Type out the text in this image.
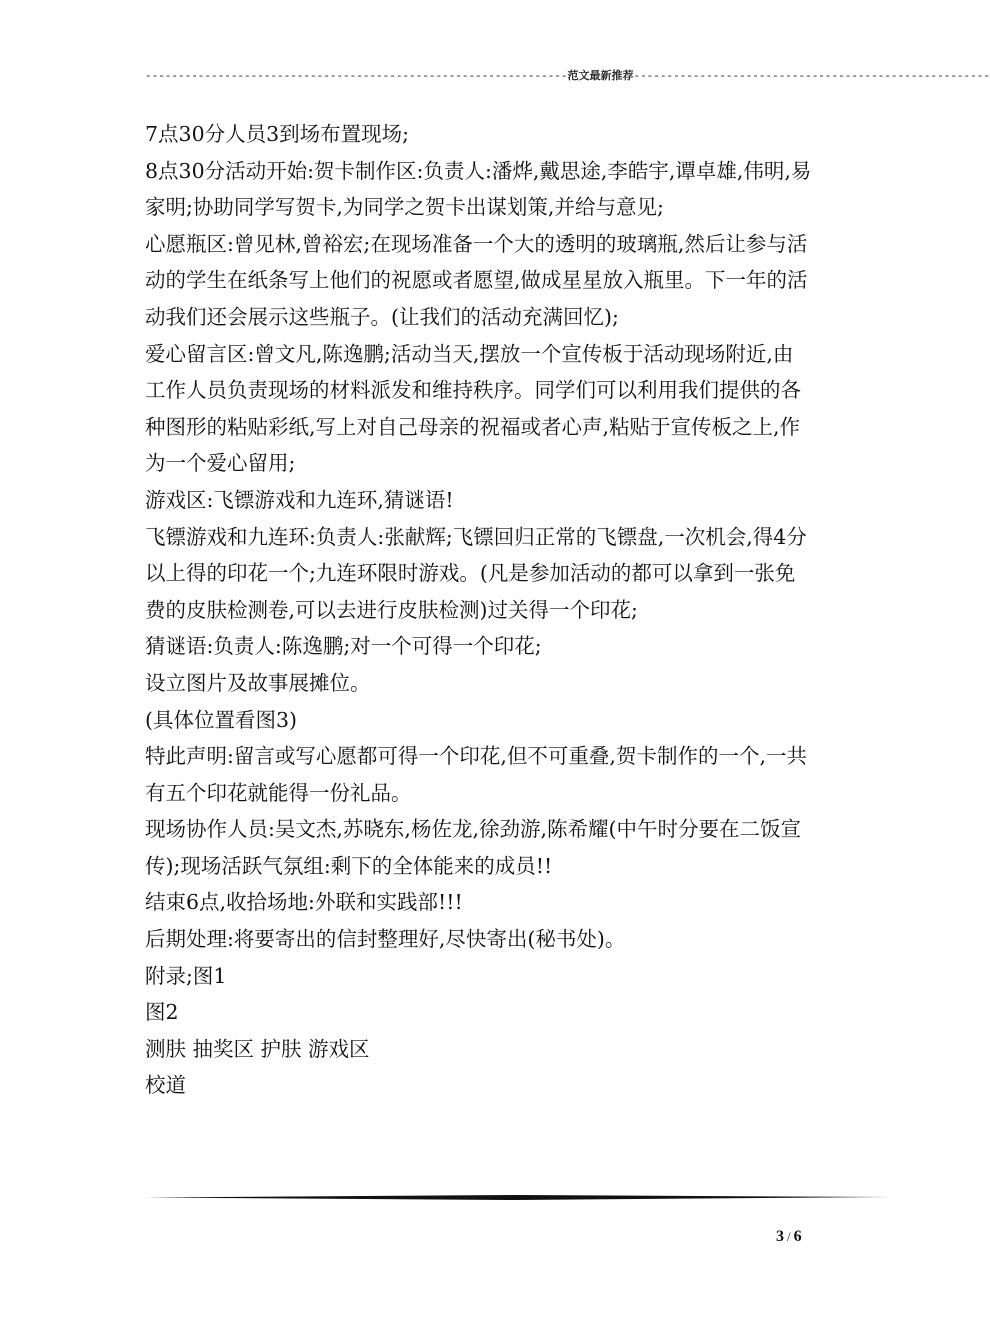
----------------------------------------------------------------范文最新推荐------------------------------------------------------

7点30分人员3到场布置现场;

8点30分活动开始:贺卡制作区:负责人:潘烨,戴思途,李皓宇,谭卓雄,伟明,易家明;协助同学写贺卡,为同学之贺卡出谋划策,并给与意见;

心愿瓶区:曾见林,曾裕宏;在现场准备一个大的透明的玻璃瓶,然后让参与活动的学生在纸条写上他们的祝愿或者愿望,做成星星放入瓶里。下一年的活动我们还会展示这些瓶子。(让我们的活动充满回忆);

爱心留言区:曾文凡,陈逸鹏;活动当天,摆放一个宣传板于活动现场附近,由工作人员负责现场的材料派发和维持秩序。同学们可以利用我们提供的各种图形的粘贴彩纸,写上对自己母亲的祝福或者心声,粘贴于宣传板之上,作为一个爱心留用;

游戏区:飞镖游戏和九连环,猜谜语!

飞镖游戏和九连环:负责人:张献辉;飞镖回归正常的飞镖盘,一次机会,得4分以上得的印花一个;九连环限时游戏。(凡是参加活动的都可以拿到一张免费的皮肤检测卷,可以去进行皮肤检测)过关得一个印花;

猜谜语:负责人:陈逸鹏;对一个可得一个印花;

设立图片及故事展摊位。

(具体位置看图3)

特此声明:留言或写心愿都可得一个印花,但不可重叠,贺卡制作的一个,一共有五个印花就能得一份礼品。

现场协作人员:吴文杰,苏晓东,杨佐龙,徐劲游,陈希耀(中午时分要在二饭宣传);现场活跃气氛组:剩下的全体能来的成员!!

结束6点,收拾场地:外联和实践部!!!

后期处理:将要寄出的信封整理好,尽快寄出(秘书处)。

附录;图1

图2

测肤 抽奖区 护肤 游戏区

校道

3 / 6
